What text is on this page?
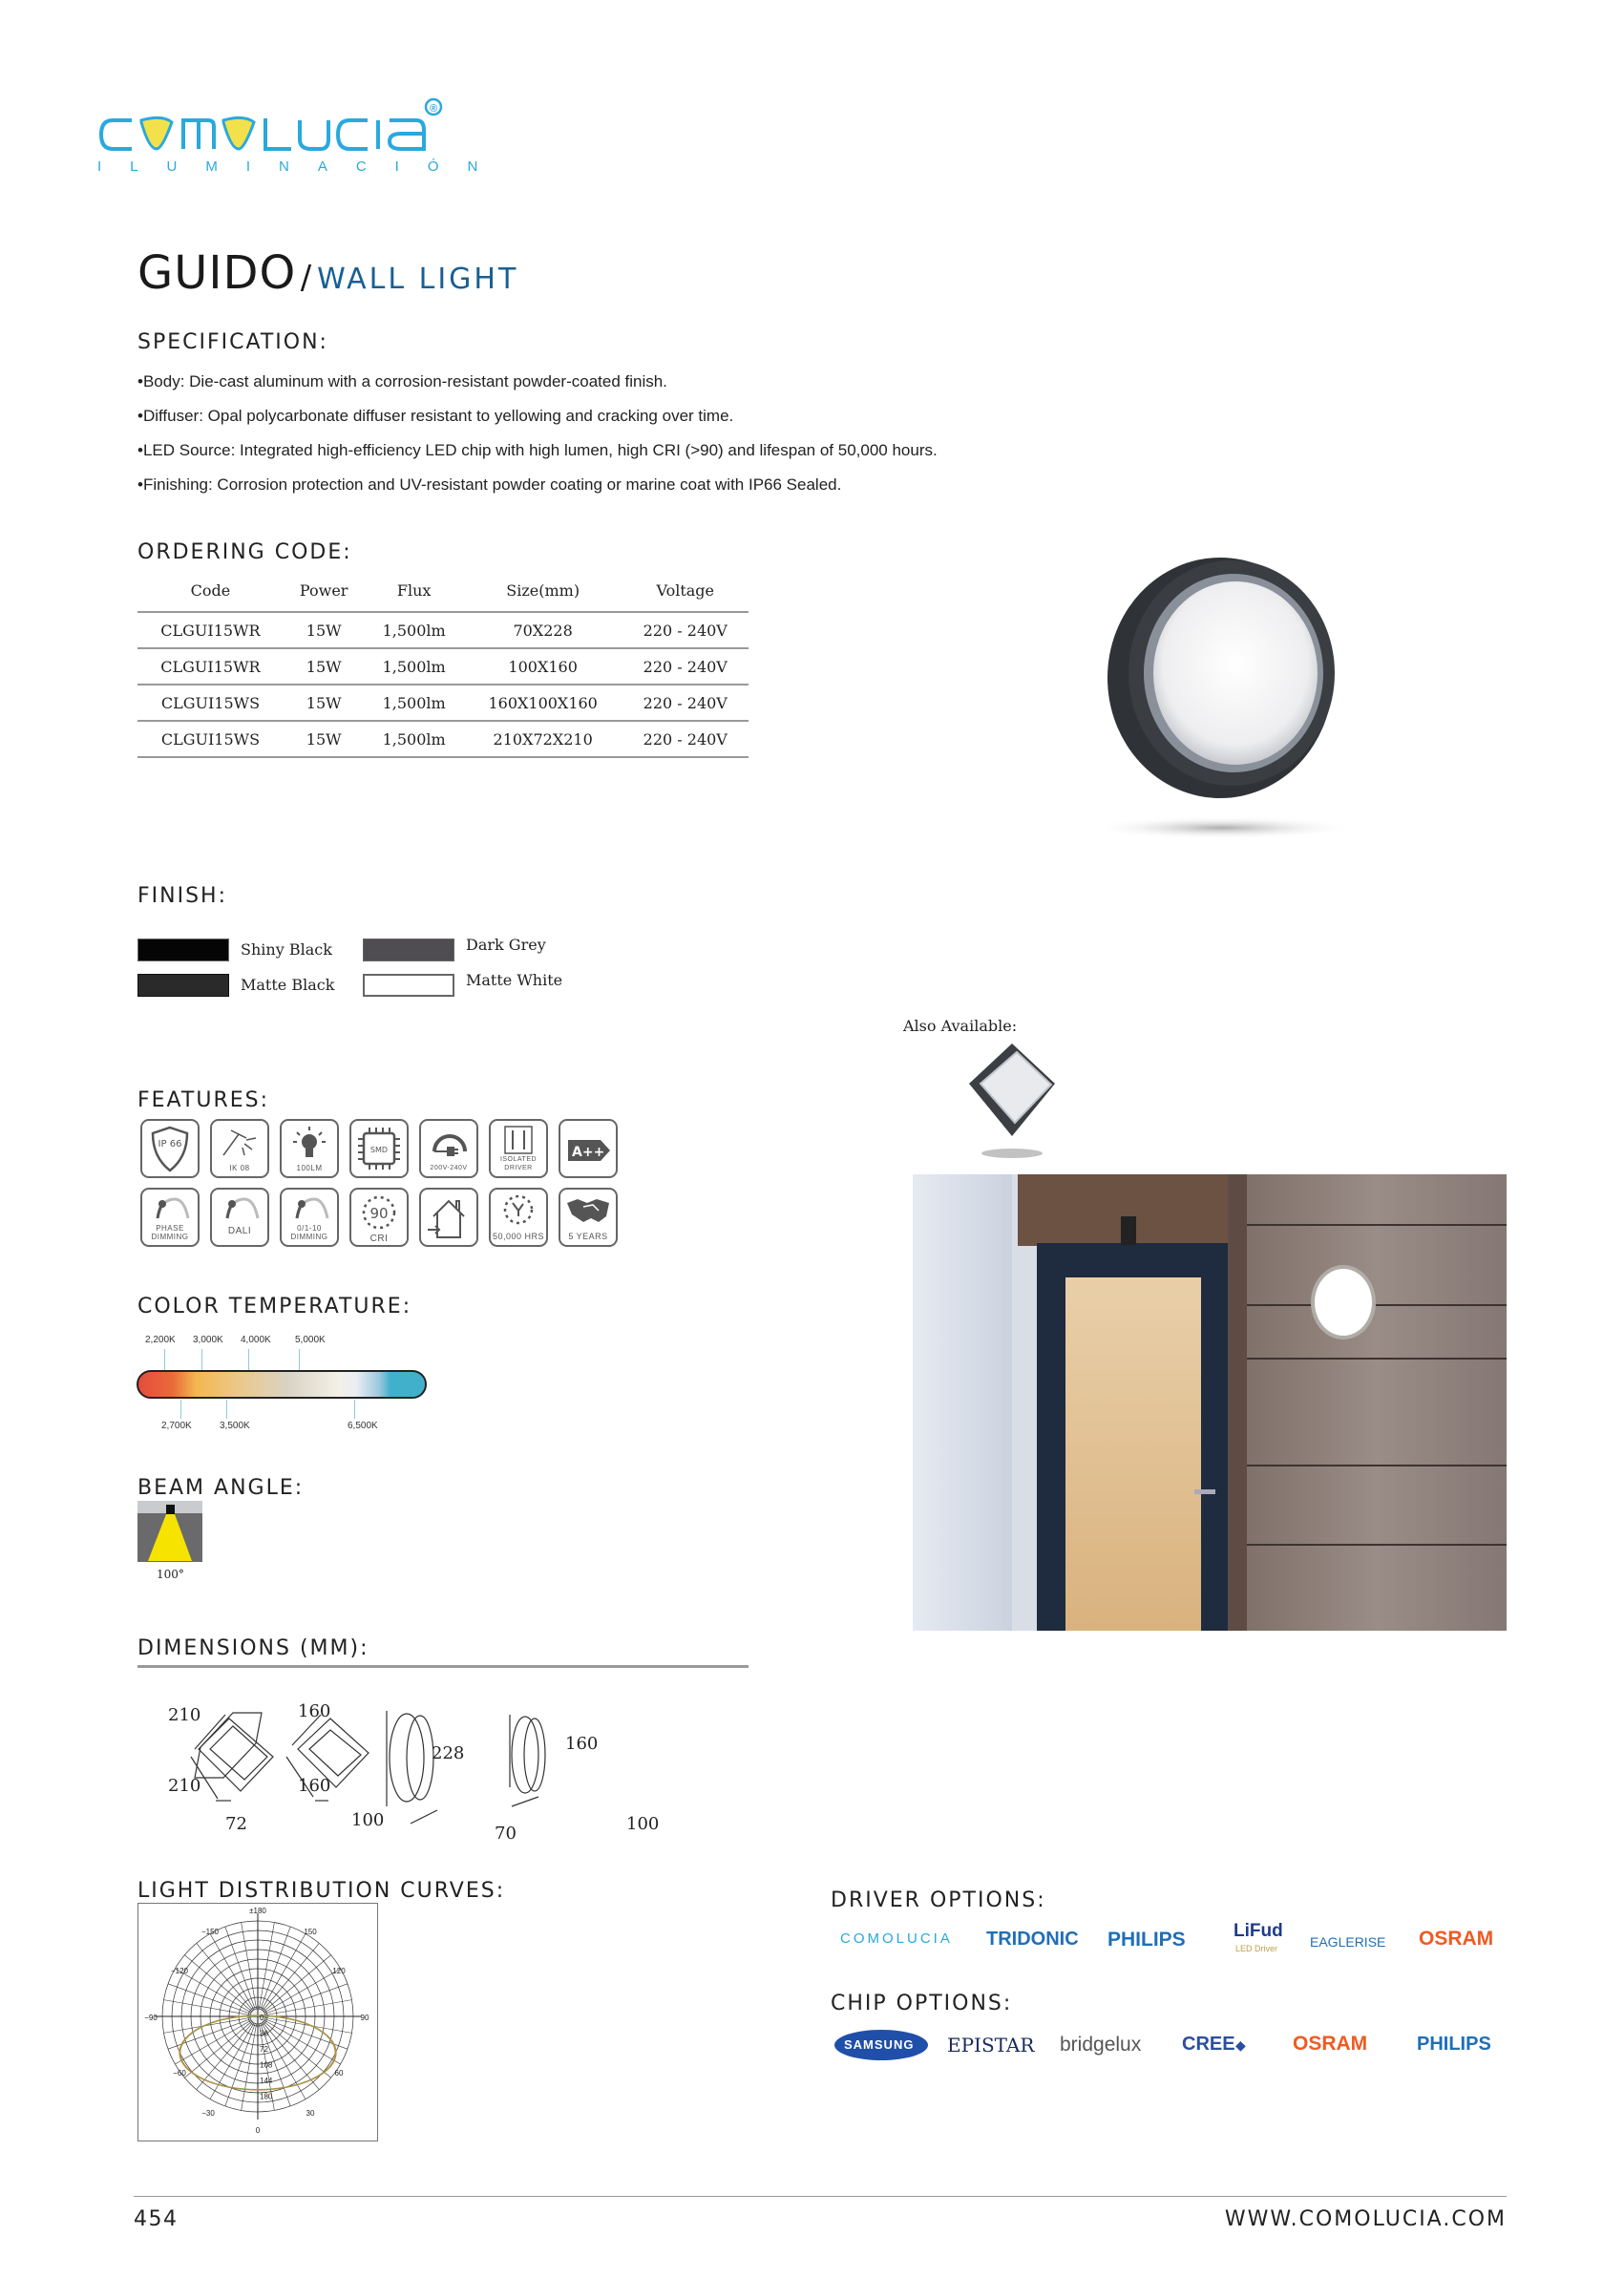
®
ILUMINACIÓN
GUIDO / WALL LIGHT
SPECIFICATION:
• Body: Die-cast aluminum with a corrosion-resistant powder-coated finish.
• Diffuser: Opal polycarbonate diffuser resistant to yellowing and cracking over time.
• LED Source: Integrated high-efficiency LED chip with high lumen, high CRI (>90) and lifespan of 50,000 hours.
• Finishing: Corrosion protection and UV-resistant powder coating or marine coat with IP66 Sealed.
ORDERING CODE:
Code	Power	Flux	Size(mm)	Voltage
CLGUI15WR	15W	1,500lm	70X228	220 - 240V
CLGUI15WR	15W	1,500lm	100X160	220 - 240V
CLGUI15WS	15W	1,500lm	160X100X160	220 - 240V
CLGUI15WS	15W	1,500lm	210X72X210	220 - 240V
FINISH:
Shiny Black
Matte Black
Dark Grey
Matte White
Also Available:
FEATURES:
IP 66
IK 08	100LM
SMD
200V-240V
ISOLATED DRIVER
A++
PHASE DIMMING
DALI	0/1-10 DIMMING
90
CRI	50,000 HRS	5 YEARS
COLOR TEMPERATURE:
2,200K 3,000K 4,000K	5,000K
2,700K	3,500K	6,500K
BEAM ANGLE:
100°
DIMENSIONS (MM):
210
210
72
160
160
100
228
70
160
100
LIGHT DISTRIBUTION CURVES:
±180
−150	150
−120	120
−90	90
−60	60
−30	30
0
0
36
72
108
144
180
DRIVER OPTIONS:
COMOLUCIA TRIDONIC PHILIPS	LiFud
LED Driver EAGLERISE OSRAM
CHIP OPTIONS:
SAMSUNG EPISTAR bridgelux CREE ◆ OSRAM	PHILIPS
454	WWW.COMOLUCIA.COM
